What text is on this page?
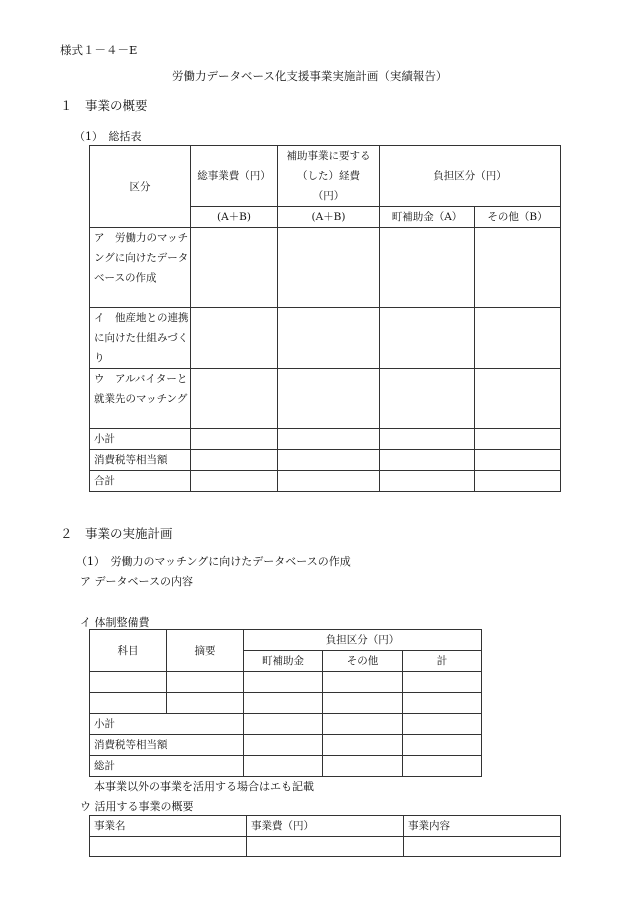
様式１－４－E
労働力データベース化支援事業実施計画（実績報告）
１　事業の概要
（1）　総括表
区分	総事業費（円）	補助事業に要する（した）経費（円）	負担区分（円）	
	(A＋B)	(A＋B)	町補助金（A）	その他（B）
ア　労働力のマッチングに向けたデータベースの作成				
イ　他産地との連携に向けた仕組みづくり				
ウ　アルバイターと就業先のマッチング				
小計				
消費税等相当額				
合計				
２　事業の実施計画
（1）　労働力のマッチングに向けたデータベースの作成
ア データベースの内容
イ 体制整備費
科目	摘要	負担区分（円）		
		町補助金	その他	計

小計				
消費税等相当額				
総計				
本事業以外の事業を活用する場合はエも記載
ウ 活用する事業の概要
事業名	事業費（円）	事業内容
